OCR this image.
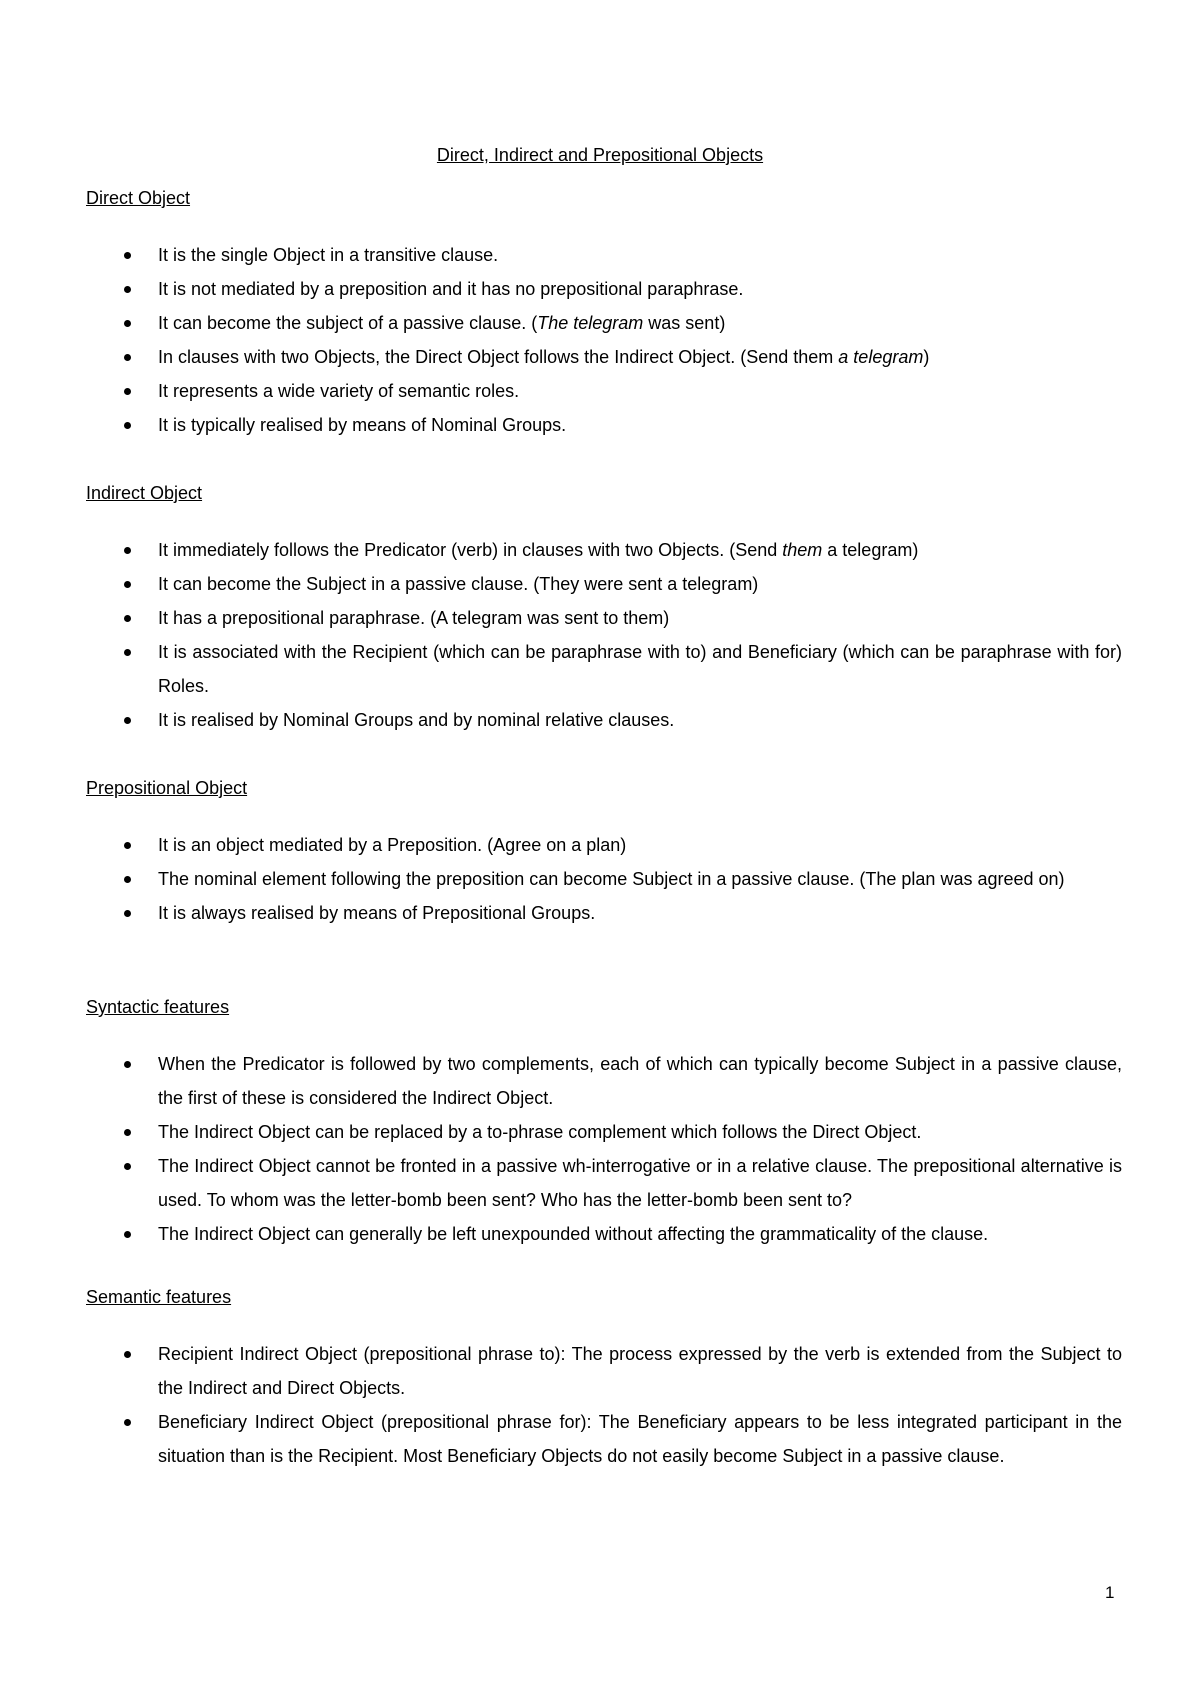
Direct, Indirect and Prepositional Objects
Direct Object
It is the single Object in a transitive clause.
It is not mediated by a preposition and it has no prepositional paraphrase.
It can become the subject of a passive clause. (The telegram was sent)
In clauses with two Objects, the Direct Object follows the Indirect Object. (Send them a telegram)
It represents a wide variety of semantic roles.
It is typically realised by means of Nominal Groups.
Indirect Object
It immediately follows the Predicator (verb) in clauses with two Objects. (Send them a telegram)
It can become the Subject in a passive clause. (They were sent a telegram)
It has a prepositional paraphrase. (A telegram was sent to them)
It is associated with the Recipient (which can be paraphrase with to) and Beneficiary (which can be paraphrase with for) Roles.
It is realised by Nominal Groups and by nominal relative clauses.
Prepositional Object
It is an object mediated by a Preposition. (Agree on a plan)
The nominal element following the preposition can become Subject in a passive clause. (The plan was agreed on)
It is always realised by means of Prepositional Groups.
Syntactic features
When the Predicator is followed by two complements, each of which can typically become Subject in a passive clause, the first of these is considered the Indirect Object.
The Indirect Object can be replaced by a to-phrase complement which follows the Direct Object.
The Indirect Object cannot be fronted in a passive wh-interrogative or in a relative clause. The prepositional alternative is used. To whom was the letter-bomb been sent? Who has the letter-bomb been sent to?
The Indirect Object can generally be left unexpounded without affecting the grammaticality of the clause.
Semantic features
Recipient Indirect Object (prepositional phrase to): The process expressed by the verb is extended from the Subject to the Indirect and Direct Objects.
Beneficiary Indirect Object (prepositional phrase for): The Beneficiary appears to be less integrated participant in the situation than is the Recipient. Most Beneficiary Objects do not easily become Subject in a passive clause.
1
